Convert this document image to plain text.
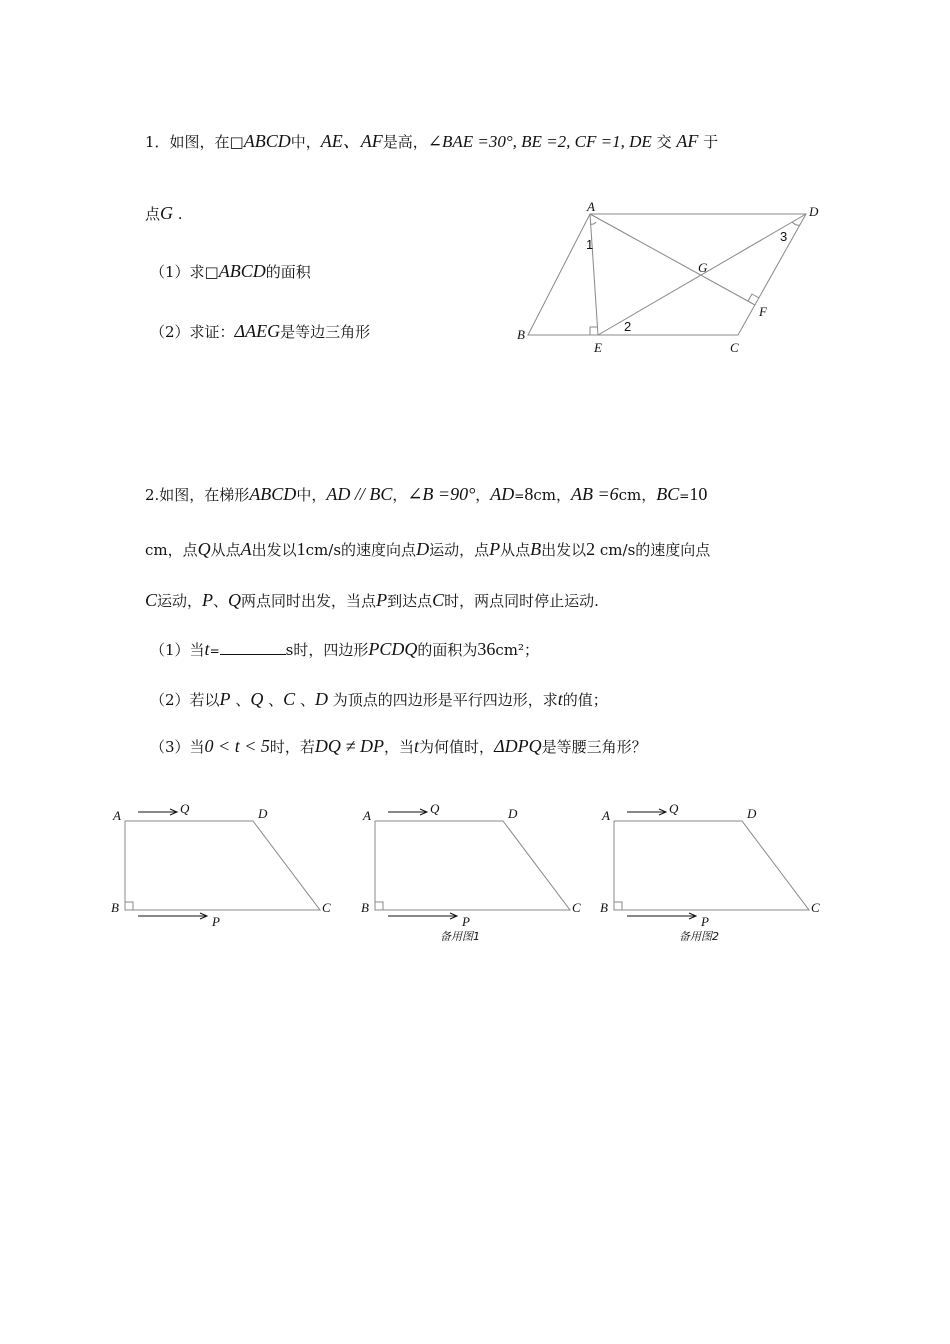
1．如图，在□ABCD中，AE、AF是高，∠BAE =30°, BE =2, CF =1, DE 交 AF 于
点G .
（1）求□ABCD的面积
（2）求证：ΔAEG是等边三角形
A	D
B
E	C
F
G
1
2
3
2.如图，在梯形ABCD中，AD // BC，∠B =90°，AD=8cm，AB =6cm，BC=10
cm，点Q从点A出发以1cm/s的速度向点D运动，点P从点B出发以2 cm/s的速度向点
C运动，P、Q两点同时出发，当点P到达点C时，两点同时停止运动.
（1）当t=	s时，四边形PCDQ的面积为36cm²；
（2）若以P 、Q 、C 、D 为顶点的四边形是平行四边形，求t的值；
（3）当0 < t < 5时，若DQ ≠ DP，当t为何值时，ΔDPQ是等腰三角形？
A	Q	D
B	C
P
A	Q	D
B	C
P
备用图1
A	Q	D
B	C
P
备用图2
